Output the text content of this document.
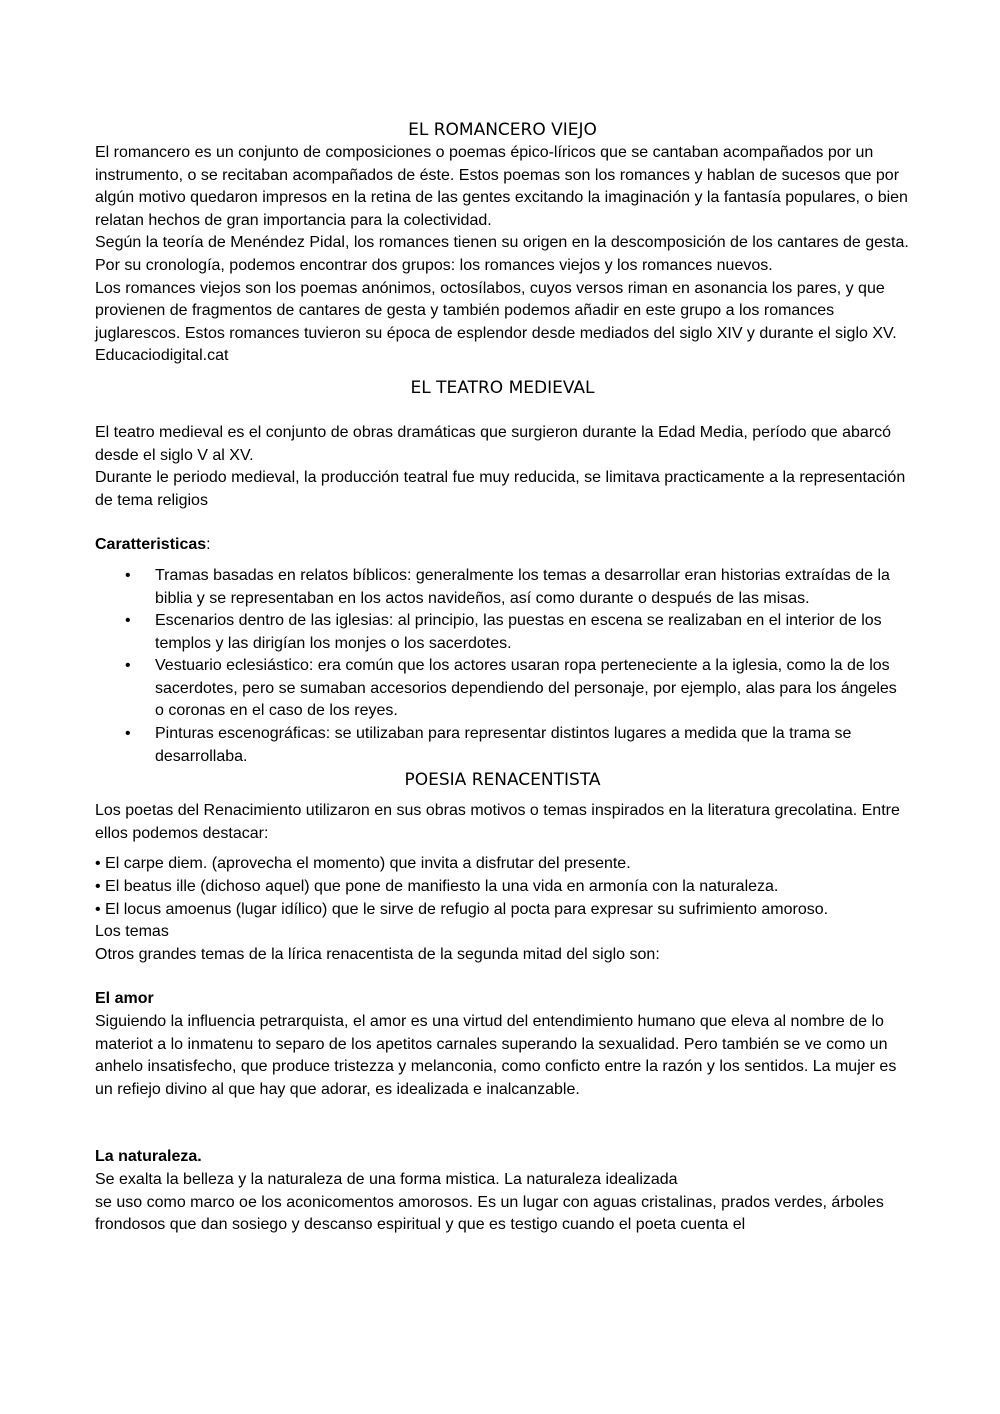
EL ROMANCERO VIEJO

El romancero es un conjunto de composiciones o poemas épico-líricos que se cantaban acompañados por un instrumento, o se recitaban acompañados de éste. Estos poemas son los romances y hablan de sucesos que por algún motivo quedaron impresos en la retina de las gentes excitando la imaginación y la fantasía populares, o bien relatan hechos de gran importancia para la colectividad.

Según la teoría de Menéndez Pidal, los romances tienen su origen en la descomposición de los cantares de gesta.

Por su cronología, podemos encontrar dos grupos: los romances viejos y los romances nuevos.

Los romances viejos son los poemas anónimos, octosílabos, cuyos versos riman en asonancia los pares, y que provienen de fragmentos de cantares de gesta y también podemos añadir en este grupo a los romances juglarescos. Estos romances tuvieron su época de esplendor desde mediados del siglo XIV y durante el siglo XV.

Educaciodigital.cat

EL TEATRO MEDIEVAL

El teatro medieval es el conjunto de obras dramáticas que surgieron durante la Edad Media, período que abarcó desde el siglo V al XV.

Durante le periodo medieval, la producción teatral fue muy reducida, se limitava practicamente a la representación de tema religios

Caratteristicas:

• Tramas basadas en relatos bíblicos: generalmente los temas a desarrollar eran historias extraídas de la biblia y se representaban en los actos navideños, así como durante o después de las misas.
• Escenarios dentro de las iglesias: al principio, las puestas en escena se realizaban en el interior de los templos y las dirigían los monjes o los sacerdotes.
• Vestuario eclesiástico: era común que los actores usaran ropa perteneciente a la iglesia, como la de los sacerdotes, pero se sumaban accesorios dependiendo del personaje, por ejemplo, alas para los ángeles o coronas en el caso de los reyes.
• Pinturas escenográficas: se utilizaban para representar distintos lugares a medida que la trama se desarrollaba.
POESIA RENACENTISTA

Los poetas del Renacimiento utilizaron en sus obras motivos o temas inspirados en la literatura grecolatina. Entre ellos podemos destacar:

• El carpe diem. (aprovecha el momento) que invita a disfrutar del presente.

• El beatus ille (dichoso aquel) que pone de manifiesto la una vida en armonía con la naturaleza.

• El locus amoenus (lugar idílico) que le sirve de refugio al pocta para expresar su sufrimiento amoroso.

Los temas

Otros grandes temas de la lírica renacentista de la segunda mitad del siglo son:

El amor

Siguiendo la influencia petrarquista, el amor es una virtud del entendimiento humano que eleva al nombre de lo materiot a lo inmatenu to separo de los apetitos carnales superando la sexualidad. Pero también se ve como un anhelo insatisfecho, que produce tristezza y melanconia, como conficto entre la razón y los sentidos. La mujer es un refiejo divino al que hay que adorar, es idealizada e inalcanzable.

La naturaleza.

Se exalta la belleza y la naturaleza de una forma mistica. La naturaleza idealizada

se uso como marco oe los aconicomentos amorosos. Es un lugar con aguas cristalinas, prados verdes, árboles frondosos que dan sosiego y descanso espiritual y que es testigo cuando el poeta cuenta el
